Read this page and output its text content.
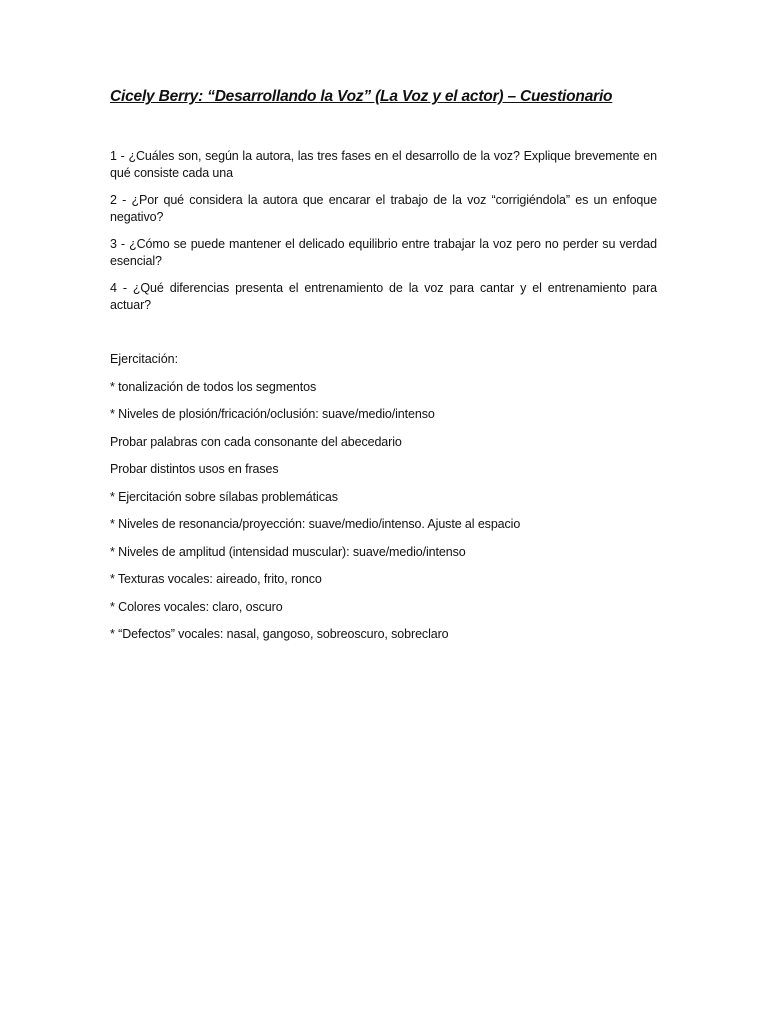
Cicely Berry: “Desarrollando la Voz” (La Voz y el actor) – Cuestionario

1 - ¿Cuáles son, según la autora, las tres fases en el desarrollo de la voz? Explique brevemente en qué consiste cada una

2 - ¿Por qué considera la autora que encarar el trabajo de la voz “corrigiéndola” es un enfoque negativo?

3 - ¿Cómo se puede mantener el delicado equilibrio entre trabajar la voz pero no perder su verdad esencial?

4 - ¿Qué diferencias presenta el entrenamiento de la voz para cantar y el entrenamiento para actuar?

Ejercitación:

* tonalización de todos los segmentos
* Niveles de plosión/fricación/oclusión: suave/medio/intenso
Probar palabras con cada consonante del abecedario
Probar distintos usos en frases
* Ejercitación sobre sílabas problemáticas
* Niveles de resonancia/proyección: suave/medio/intenso. Ajuste al espacio
* Niveles de amplitud (intensidad muscular): suave/medio/intenso
* Texturas vocales: aireado, frito, ronco
* Colores vocales: claro, oscuro
* “Defectos” vocales: nasal, gangoso, sobreoscuro, sobreclaro
